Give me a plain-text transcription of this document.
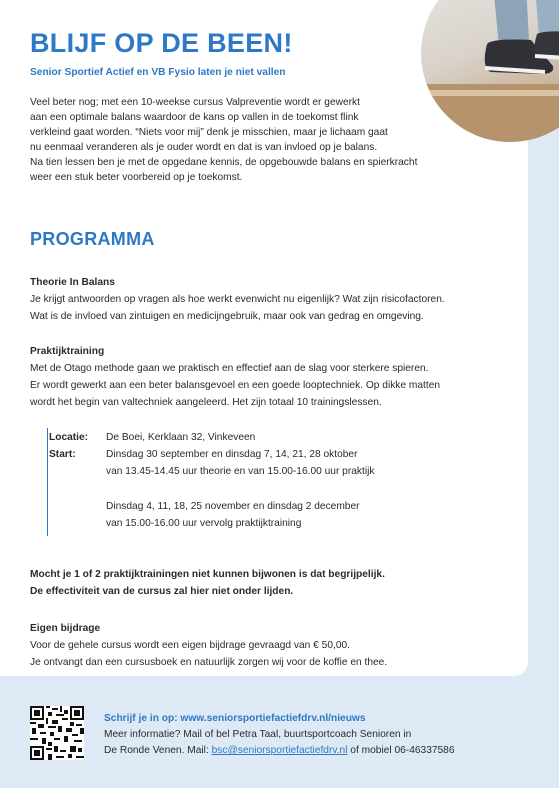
BLIJF OP DE BEEN!
Senior Sportief Actief en VB Fysio laten je niet vallen

Veel beter nog; met een 10-weekse cursus Valpreventie wordt er gewerkt

aan een optimale balans waardoor de kans op vallen in de toekomst flink

verkleind gaat worden. “Niets voor mij” denk je misschien, maar je lichaam gaat

nu eenmaal veranderen als je ouder wordt en dat is van invloed op je balans.

Na tien lessen ben je met de opgedane kennis, de opgebouwde balans en spierkracht

weer een stuk beter voorbereid op je toekomst.

PROGRAMMA

Theorie In Balans

Je krijgt antwoorden op vragen als hoe werkt evenwicht nu eigenlijk? Wat zijn risicofactoren.

Wat is de invloed van zintuigen en medicijngebruik, maar ook van gedrag en omgeving.

Praktijktraining

Met de Otago methode gaan we praktisch en effectief aan de slag voor sterkere spieren.

Er wordt gewerkt aan een beter balansgevoel en een goede looptechniek. Op dikke matten

wordt het begin van valtechniek aangeleerd. Het zijn totaal 10 trainingslessen.

Locatie: De Boei, Kerklaan 32, Vinkeveen
Start:	Dinsdag 30 september en dinsdag 7, 14, 21, 28 oktober
van 13.45-14.45 uur theorie en van 15.00-16.00 uur praktijk
Dinsdag 4, 11, 18, 25 november en dinsdag 2 december
van 15.00-16.00 uur vervolg praktijktraining

Mocht je 1 of 2 praktijktrainingen niet kunnen bijwonen is dat begrijpelijk.

De effectiviteit van de cursus zal hier niet onder lijden.

Eigen bijdrage

Voor de gehele cursus wordt een eigen bijdrage gevraagd van € 50,00.

Je ontvangt dan een cursusboek en natuurlijk zorgen wij voor de koffie en thee.

Schrijf je in op: www.seniorsportiefactiefdrv.nl/nieuws

Meer informatie? Mail of bel Petra Taal, buurtsportcoach Senioren in

De Ronde Venen. Mail: bsc@seniorsportiefactiefdrv.nl of mobiel 06-46337586
